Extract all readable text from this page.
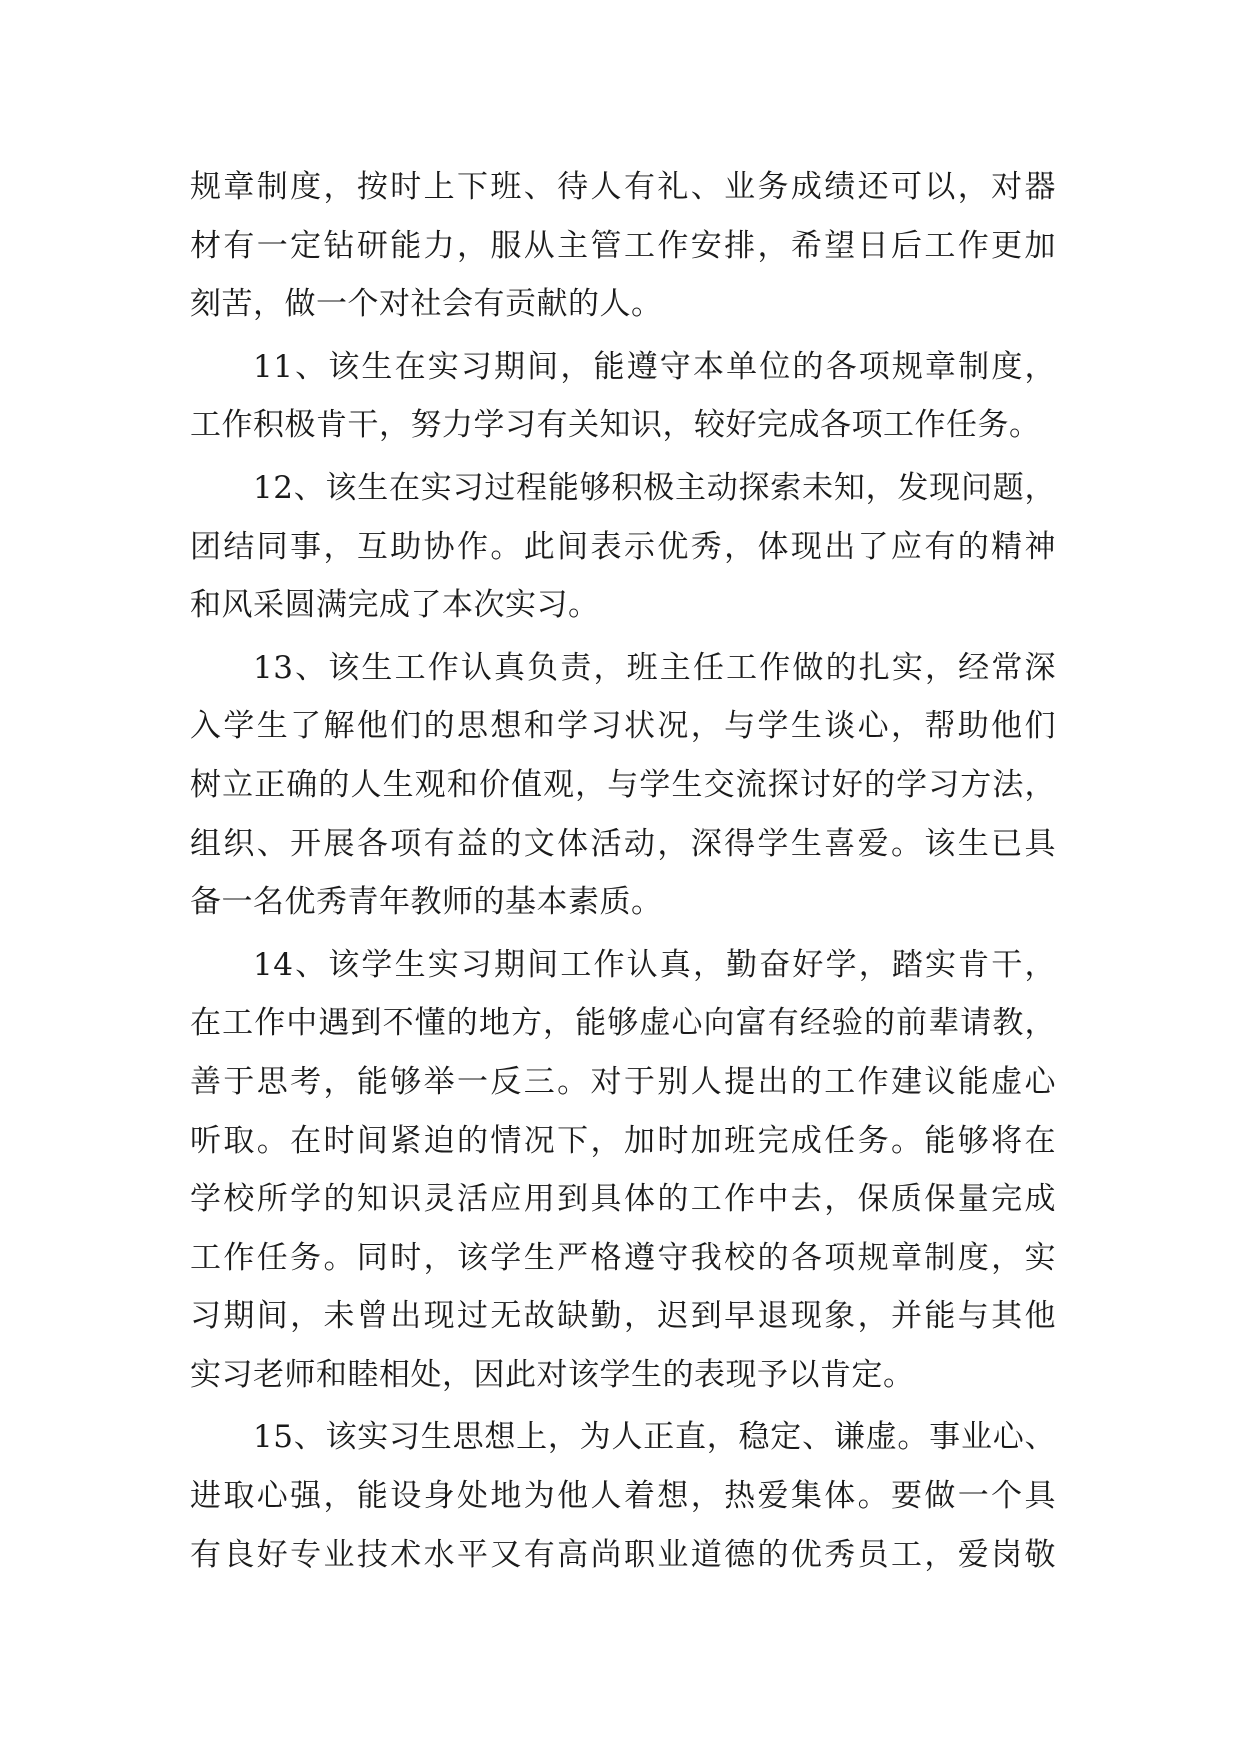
规章制度，按时上下班、待人有礼、业务成绩还可以，对器
材有一定钻研能力，服从主管工作安排，希望日后工作更加
刻苦，做一个对社会有贡献的人。
11、该生在实习期间，能遵守本单位的各项规章制度，
工作积极肯干，努力学习有关知识，较好完成各项工作任务。
12、该生在实习过程能够积极主动探索未知，发现问题，
团结同事，互助协作。此间表示优秀，体现出了应有的精神
和风采圆满完成了本次实习。
13、该生工作认真负责，班主任工作做的扎实，经常深
入学生了解他们的思想和学习状况，与学生谈心，帮助他们
树立正确的人生观和价值观，与学生交流探讨好的学习方法，
组织、开展各项有益的文体活动，深得学生喜爱。该生已具
备一名优秀青年教师的基本素质。
14、该学生实习期间工作认真，勤奋好学，踏实肯干，
在工作中遇到不懂的地方，能够虚心向富有经验的前辈请教，
善于思考，能够举一反三。对于别人提出的工作建议能虚心
听取。在时间紧迫的情况下，加时加班完成任务。能够将在
学校所学的知识灵活应用到具体的工作中去，保质保量完成
工作任务。同时，该学生严格遵守我校的各项规章制度，实
习期间，未曾出现过无故缺勤，迟到早退现象，并能与其他
实习老师和睦相处，因此对该学生的表现予以肯定。
15、该实习生思想上，为人正直，稳定、谦虚。事业心、
进取心强，能设身处地为他人着想，热爱集体。要做一个具
有良好专业技术水平又有高尚职业道德的优秀员工，爱岗敬
